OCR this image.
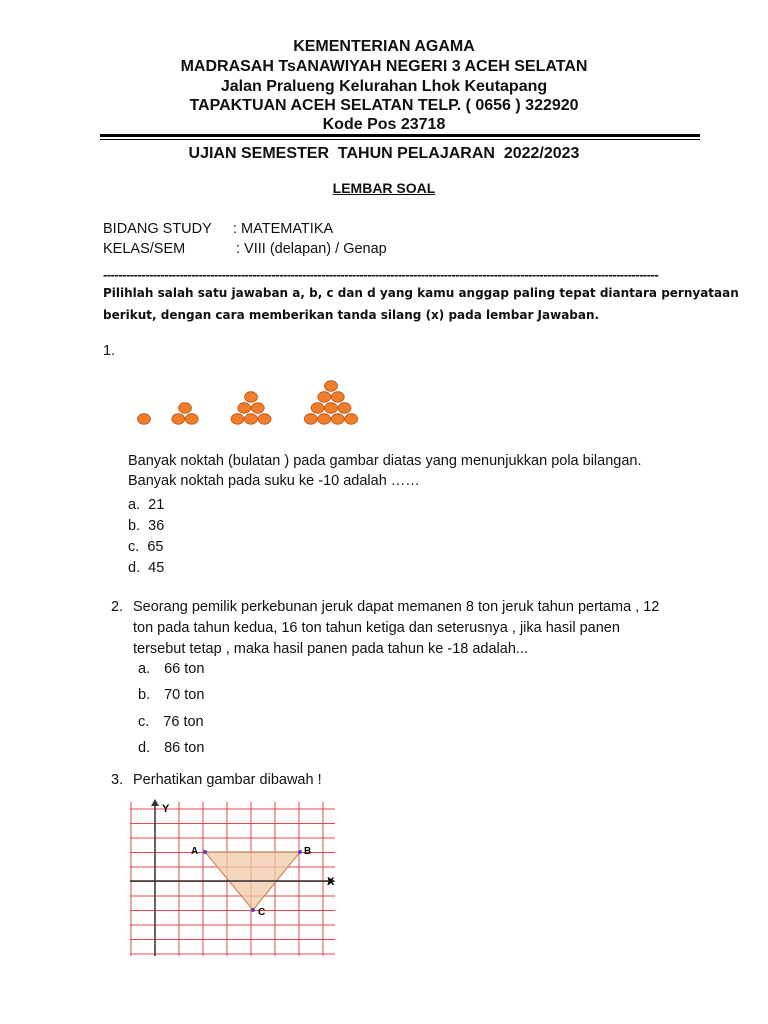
KEMENTERIAN AGAMA
MADRASAH TsANAWIYAH NEGERI 3 ACEH SELATAN
Jalan Pralueng Kelurahan Lhok Keutapang
TAPAKTUAN ACEH SELATAN TELP. ( 0656 ) 322920
Kode Pos 23718
UJIAN SEMESTER  TAHUN PELAJARAN  2022/2023
LEMBAR SOAL
BIDANG STUDY : MATEMATIKA
KELAS/SEM	: VIII (delapan) / Genap
-------------------------------------------------------------------------------------------------------------------------------------------------
Pilihlah salah satu jawaban a, b, c dan d yang kamu anggap paling tepat diantara pernyataan
berikut, dengan cara memberikan tanda silang (x) pada lembar Jawaban.
1.
Banyak noktah (bulatan ) pada gambar diatas yang menunjukkan pola bilangan.
Banyak noktah pada suku ke -10 adalah ……
a. 21
b. 36
c. 65
d. 45
2. Seorang pemilik perkebunan jeruk dapat memanen 8 ton jeruk tahun pertama , 12
ton pada tahun kedua, 16 ton tahun ketiga dan seterusnya , jika hasil panen
tersebut tetap , maka hasil panen pada tahun ke -18 adalah...
a. 66 ton
b. 70 ton
c. 76 ton
d. 86 ton
3. Perhatikan gambar dibawah !
X
Y
A	B
C
